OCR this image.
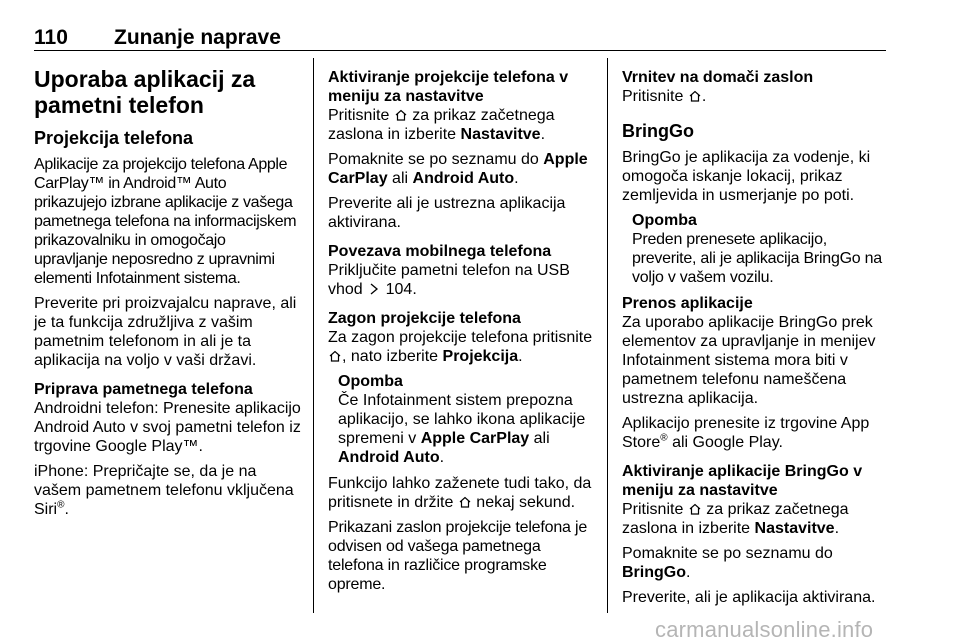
110 Zunanje naprave
Uporaba aplikacij za pametni telefon
Projekcija telefona

Aplikacije za projekcijo telefona Apple CarPlay™ in Android™ Auto prikazujejo izbrane aplikacije z vašega pametnega telefona na informacijskem prikazovalniku in omogočajo upravljanje neposredno z upravnimi elementi Infotainment sistema.

Preverite pri proizvajalcu naprave, ali je ta funkcija združljiva z vašim pametnim telefonom in ali je ta aplikacija na voljo v vaši državi.

Priprava pametnega telefona

Androidni telefon: Prenesite aplikacijo Android Auto v svoj pametni telefon iz trgovine Google Play™.

iPhone: Prepričajte se, da je na vašem pametnem telefonu vključena Siri®.

Aktiviranje projekcije telefona v meniju za nastavitve

Pritisnite za prikaz začetnega zaslona in izberite Nastavitve.

Pomaknite se po seznamu do Apple CarPlay ali Android Auto.

Preverite ali je ustrezna aplikacija aktivirana.

Povezava mobilnega telefona

Priključite pametni telefon na USB vhod 104.

Zagon projekcije telefona

Za zagon projekcije telefona pritisnite , nato izberite Projekcija.

Opomba
Če Infotainment sistem prepozna aplikacijo, se lahko ikona aplikacije spremeni v Apple CarPlay ali Android Auto.

Funkcijo lahko zaženete tudi tako, da pritisnete in držite nekaj sekund.

Prikazani zaslon projekcije telefona je odvisen od vašega pametnega telefona in različice programske opreme.

Vrnitev na domači zaslon

Pritisnite .

BringGo

BringGo je aplikacija za vodenje, ki omogoča iskanje lokacij, prikaz zemljevida in usmerjanje po poti.

Opomba
Preden prenesete aplikacijo, preverite, ali je aplikacija BringGo na voljo v vašem vozilu.
Prenos aplikacije

Za uporabo aplikacije BringGo prek elementov za upravljanje in menijev Infotainment sistema mora biti v pametnem telefonu nameščena ustrezna aplikacija.

Aplikacijo prenesite iz trgovine App Store® ali Google Play.

Aktiviranje aplikacije BringGo v meniju za nastavitve

Pritisnite za prikaz začetnega zaslona in izberite Nastavitve.

Pomaknite se po seznamu do BringGo.

Preverite, ali je aplikacija aktivirana.

carmanualsonline.info
